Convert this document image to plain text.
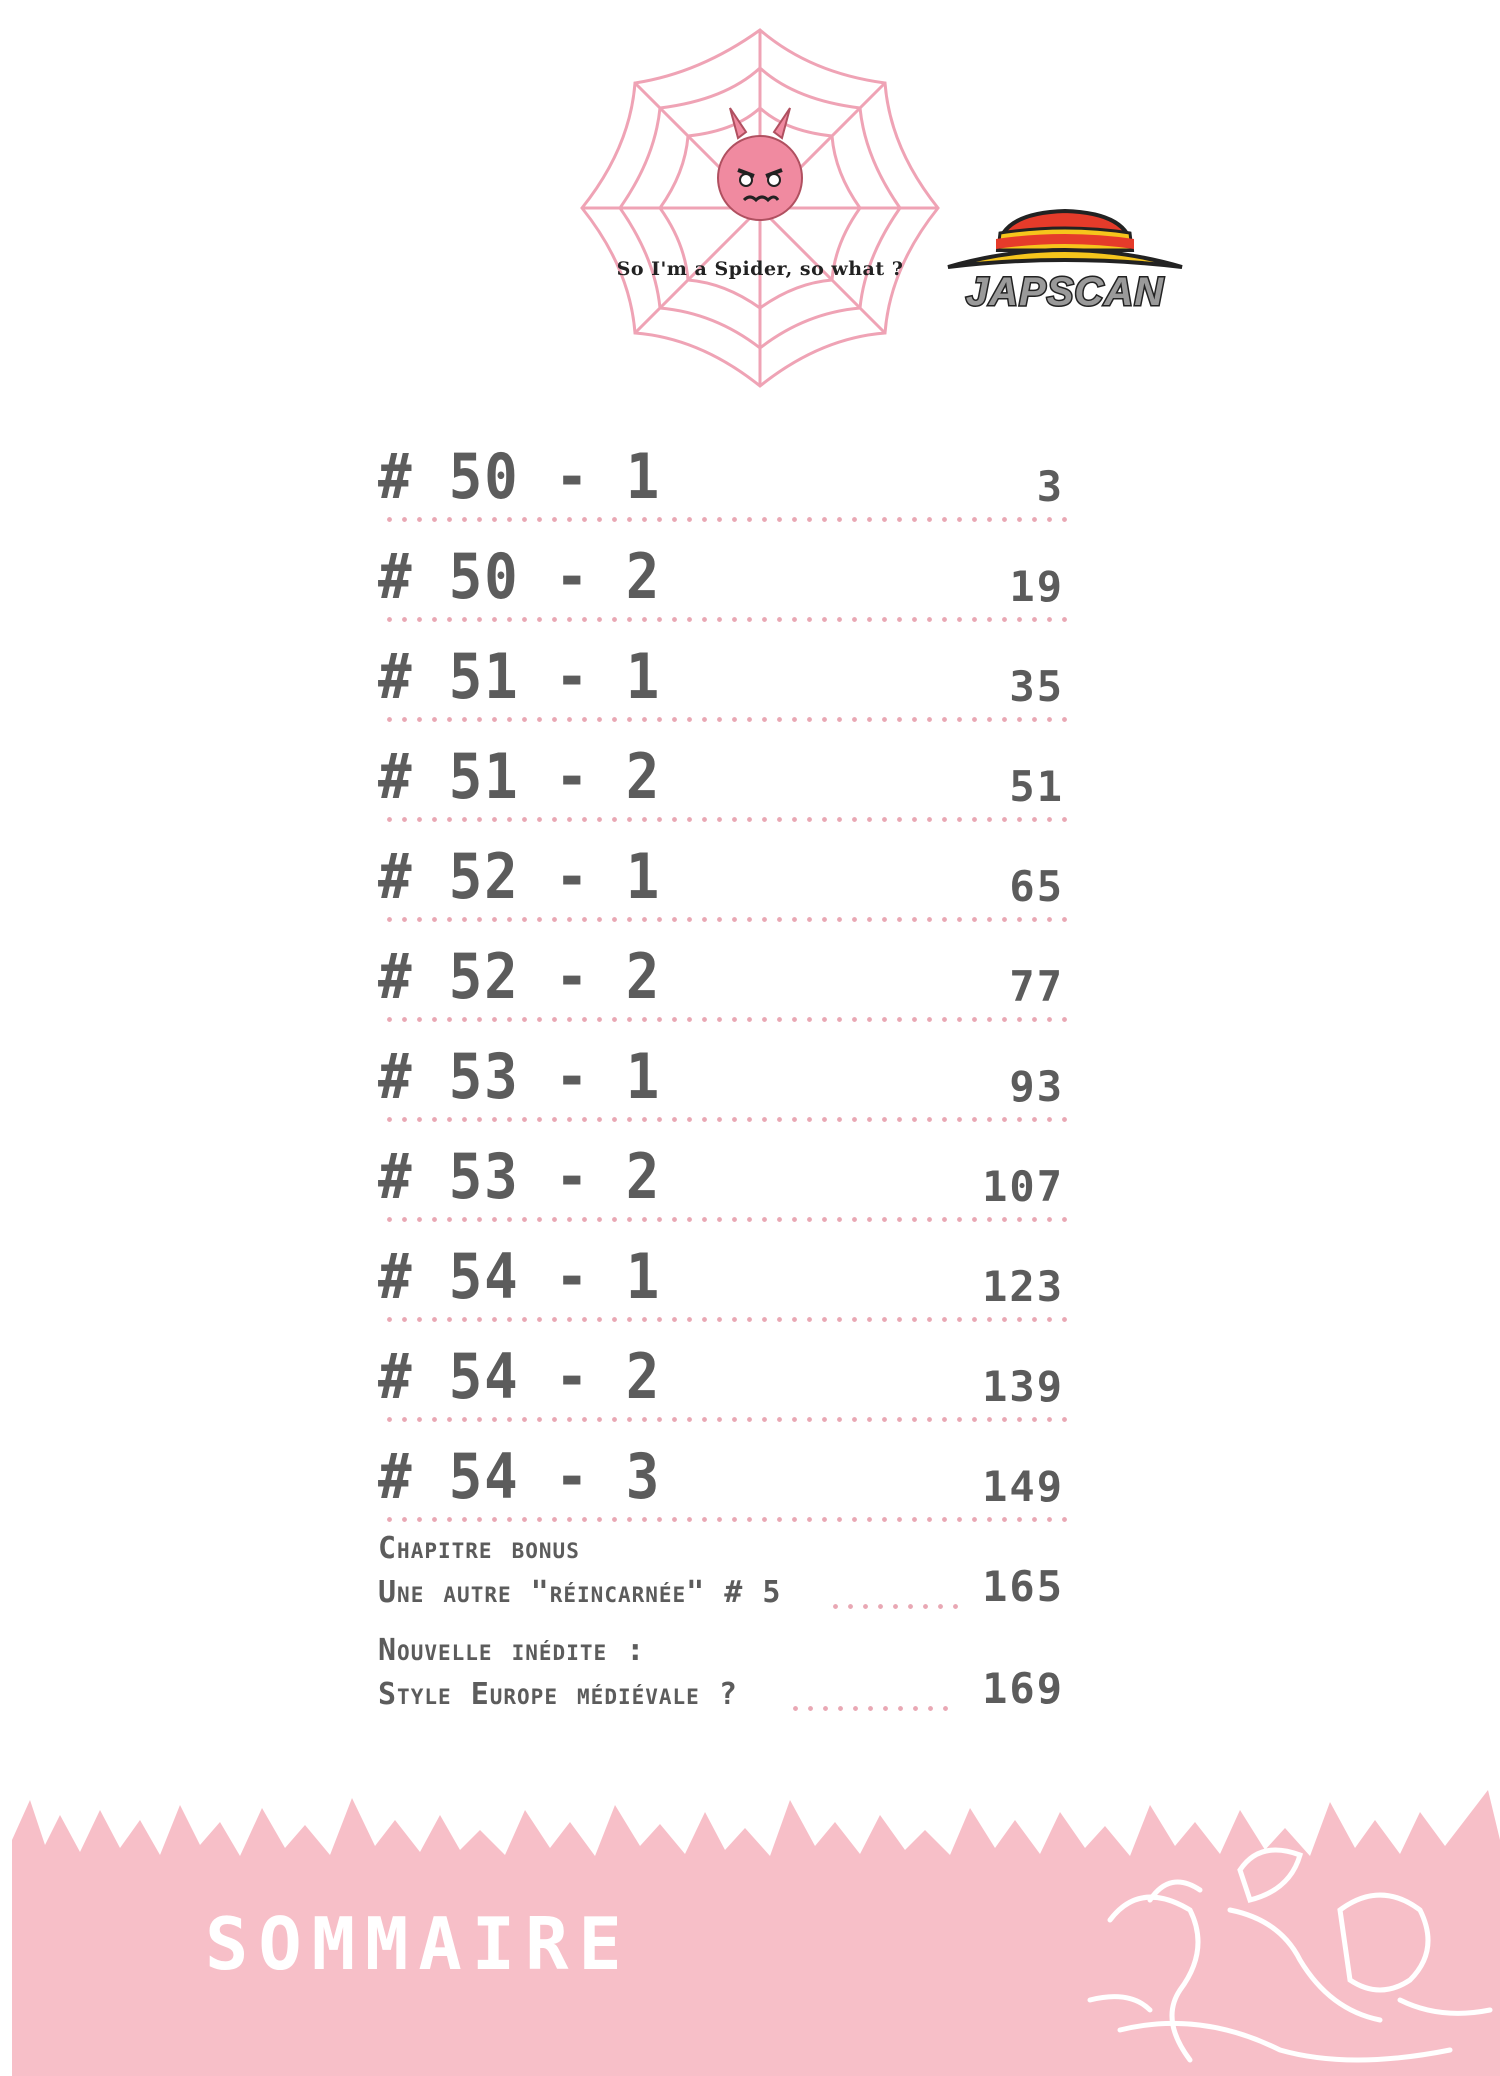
So I'm a Spider, so what ?
JAPSCAN
# 50 - 1	3
# 50 - 2	19
# 51 - 1	35
# 51 - 2	51
# 52 - 1	65
# 52 - 2	77
# 53 - 1	93
# 53 - 2	107
# 54 - 1	123
# 54 - 2	139
# 54 - 3	149
Chapitre bonus
Une autre "réincarnée" # 5	165
Nouvelle inédite :
Style Europe médiévale ?	169
SOMMAIRE
